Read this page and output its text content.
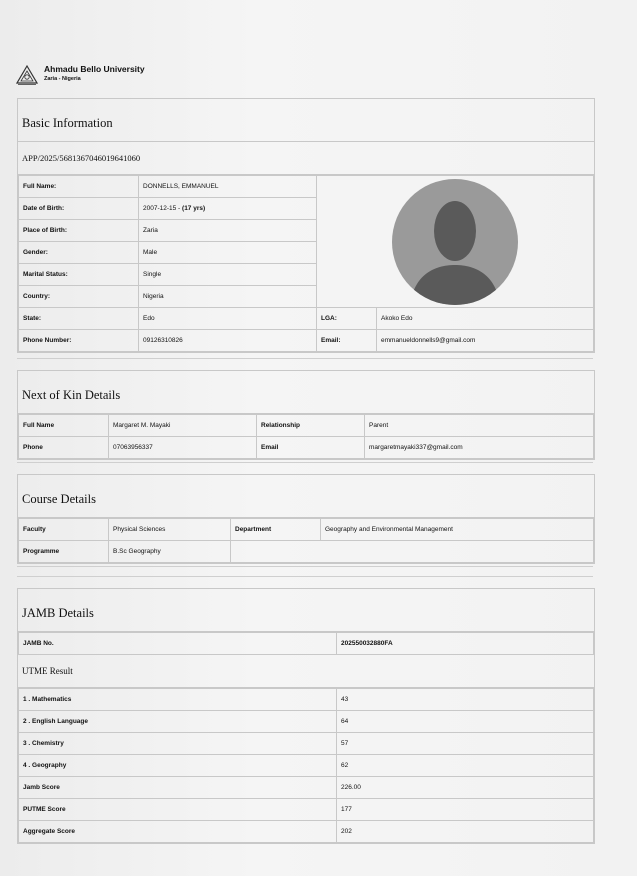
Ahmadu Bello University
Zaria - Nigeria
Basic Information
APP/2025/5681367046019641060
Full Name:	DONNELLS, EMMANUEL	

Date of Birth:	2007-12-15 - (17 yrs)		
Place of Birth:	Zaria		
Gender:	Male		
Marital Status:	Single		
Country:	Nigeria		
State:	Edo	LGA:	Akoko Edo
Phone Number:	09126310826	Email:	emmanueldonnells9@gmail.com
Next of Kin Details
Full Name	Margaret M. Mayaki	Relationship	Parent
Phone	07063956337	Email	margaretmayaki337@gmail.com
Course Details
Faculty	Physical Sciences	Department	Geography and Environmental Management
Programme	B.Sc Geography		
JAMB Details
JAMB No.	202550032880FA
UTME Result
1 . Mathematics	43
2 . English Language	64
3 . Chemistry	57
4 . Geography	62
Jamb Score	226.00
PUTME Score	177
Aggregate Score	202
